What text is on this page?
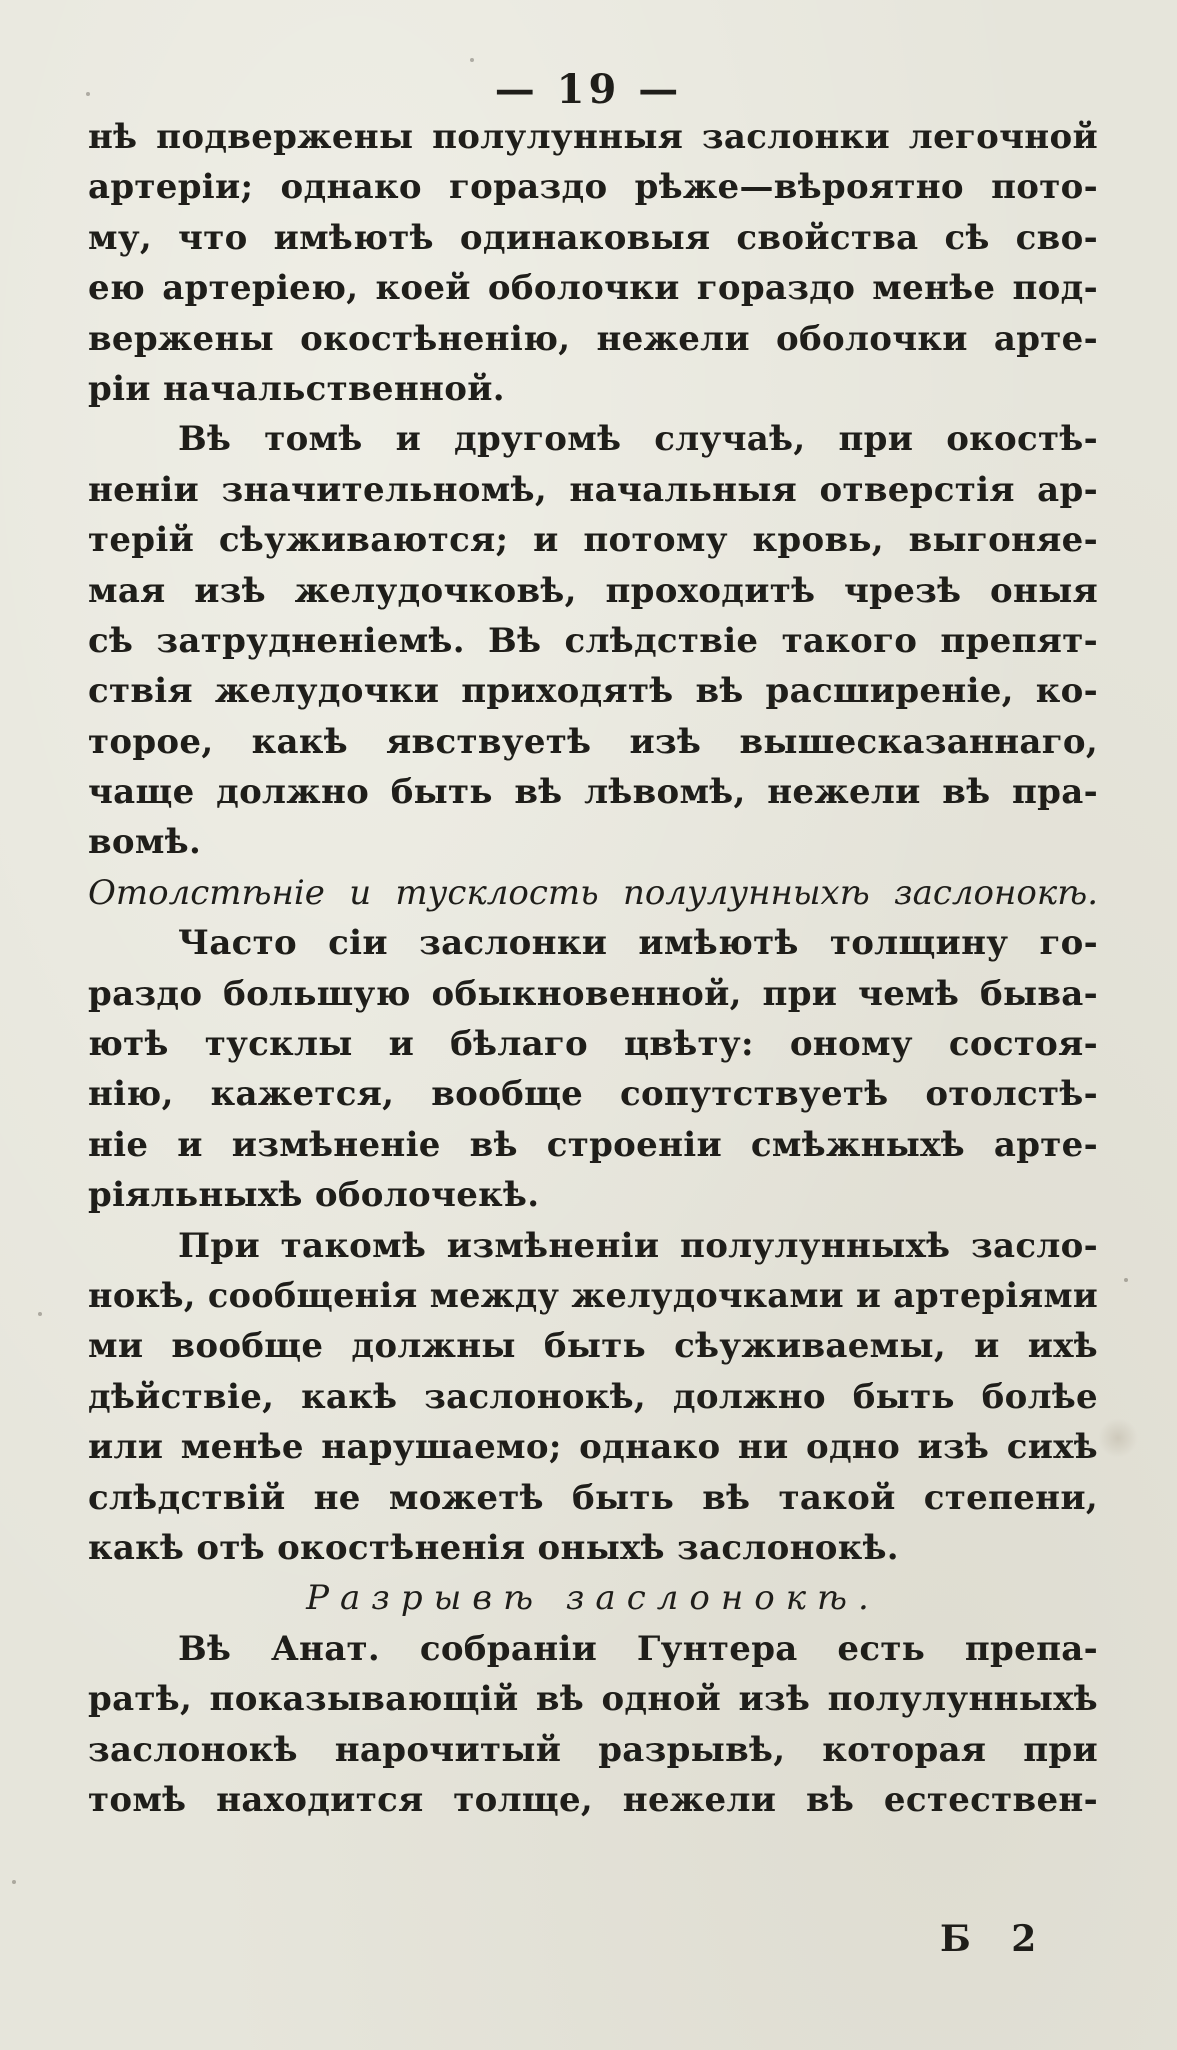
— 19 —
нѣ подвержены полулунныя заслонки легочной
артеріи; однако гораздо рѣже—вѣроятно пото-
му, что имѣютѣ одинаковыя свойства сѣ сво-
ею артеріею, коей оболочки гораздо менѣе под-
вержены окостѣненію, нежели оболочки арте-
ріи начальственной.
Вѣ томѣ и другомѣ случаѣ, при окостѣ-
неніи значительномѣ, начальныя отверстія ар-
терій сѣуживаются; и потому кровь, выгоняе-
мая изѣ желудочковѣ, проходитѣ чрезѣ оныя
сѣ затрудненіемѣ. Вѣ слѣдствіе такого препят-
ствія желудочки приходятѣ вѣ расширеніе, ко-
торое, какѣ явствуетѣ изѣ вышесказаннаго,
чаще должно быть вѣ лѣвомѣ, нежели вѣ пра-
вомѣ.
Отолстѣніе и тусклость полулунныхѣ заслонокѣ.
Часто сіи заслонки имѣютѣ толщину го-
раздо большую обыкновенной, при чемѣ быва-
ютѣ тусклы и бѣлаго цвѣту: оному состоя-
нію, кажется, вообще сопутствуетѣ отолстѣ-
ніе и измѣненіе вѣ строеніи смѣжныхѣ арте-
ріяльныхѣ оболочекѣ.
При такомѣ измѣненіи полулунныхѣ засло-
нокѣ, сообщенія между желудочками и артеріями
ми вообще должны быть сѣуживаемы, и ихѣ
дѣйствіе, какѣ заслонокѣ, должно быть болѣе
или менѣе нарушаемо; однако ни одно изѣ сихѣ
слѣдствій не можетѣ быть вѣ такой степени,
какѣ отѣ окостѣненія оныхѣ заслонокѣ.
Разрывѣ заслонокѣ.
Вѣ Анат. собраніи Гунтера есть препа-
ратѣ, показывающій вѣ одной изѣ полулунныхѣ
заслонокѣ нарочитый разрывѣ, которая при
томѣ находится толще, нежели вѣ естествен-
Б 2
